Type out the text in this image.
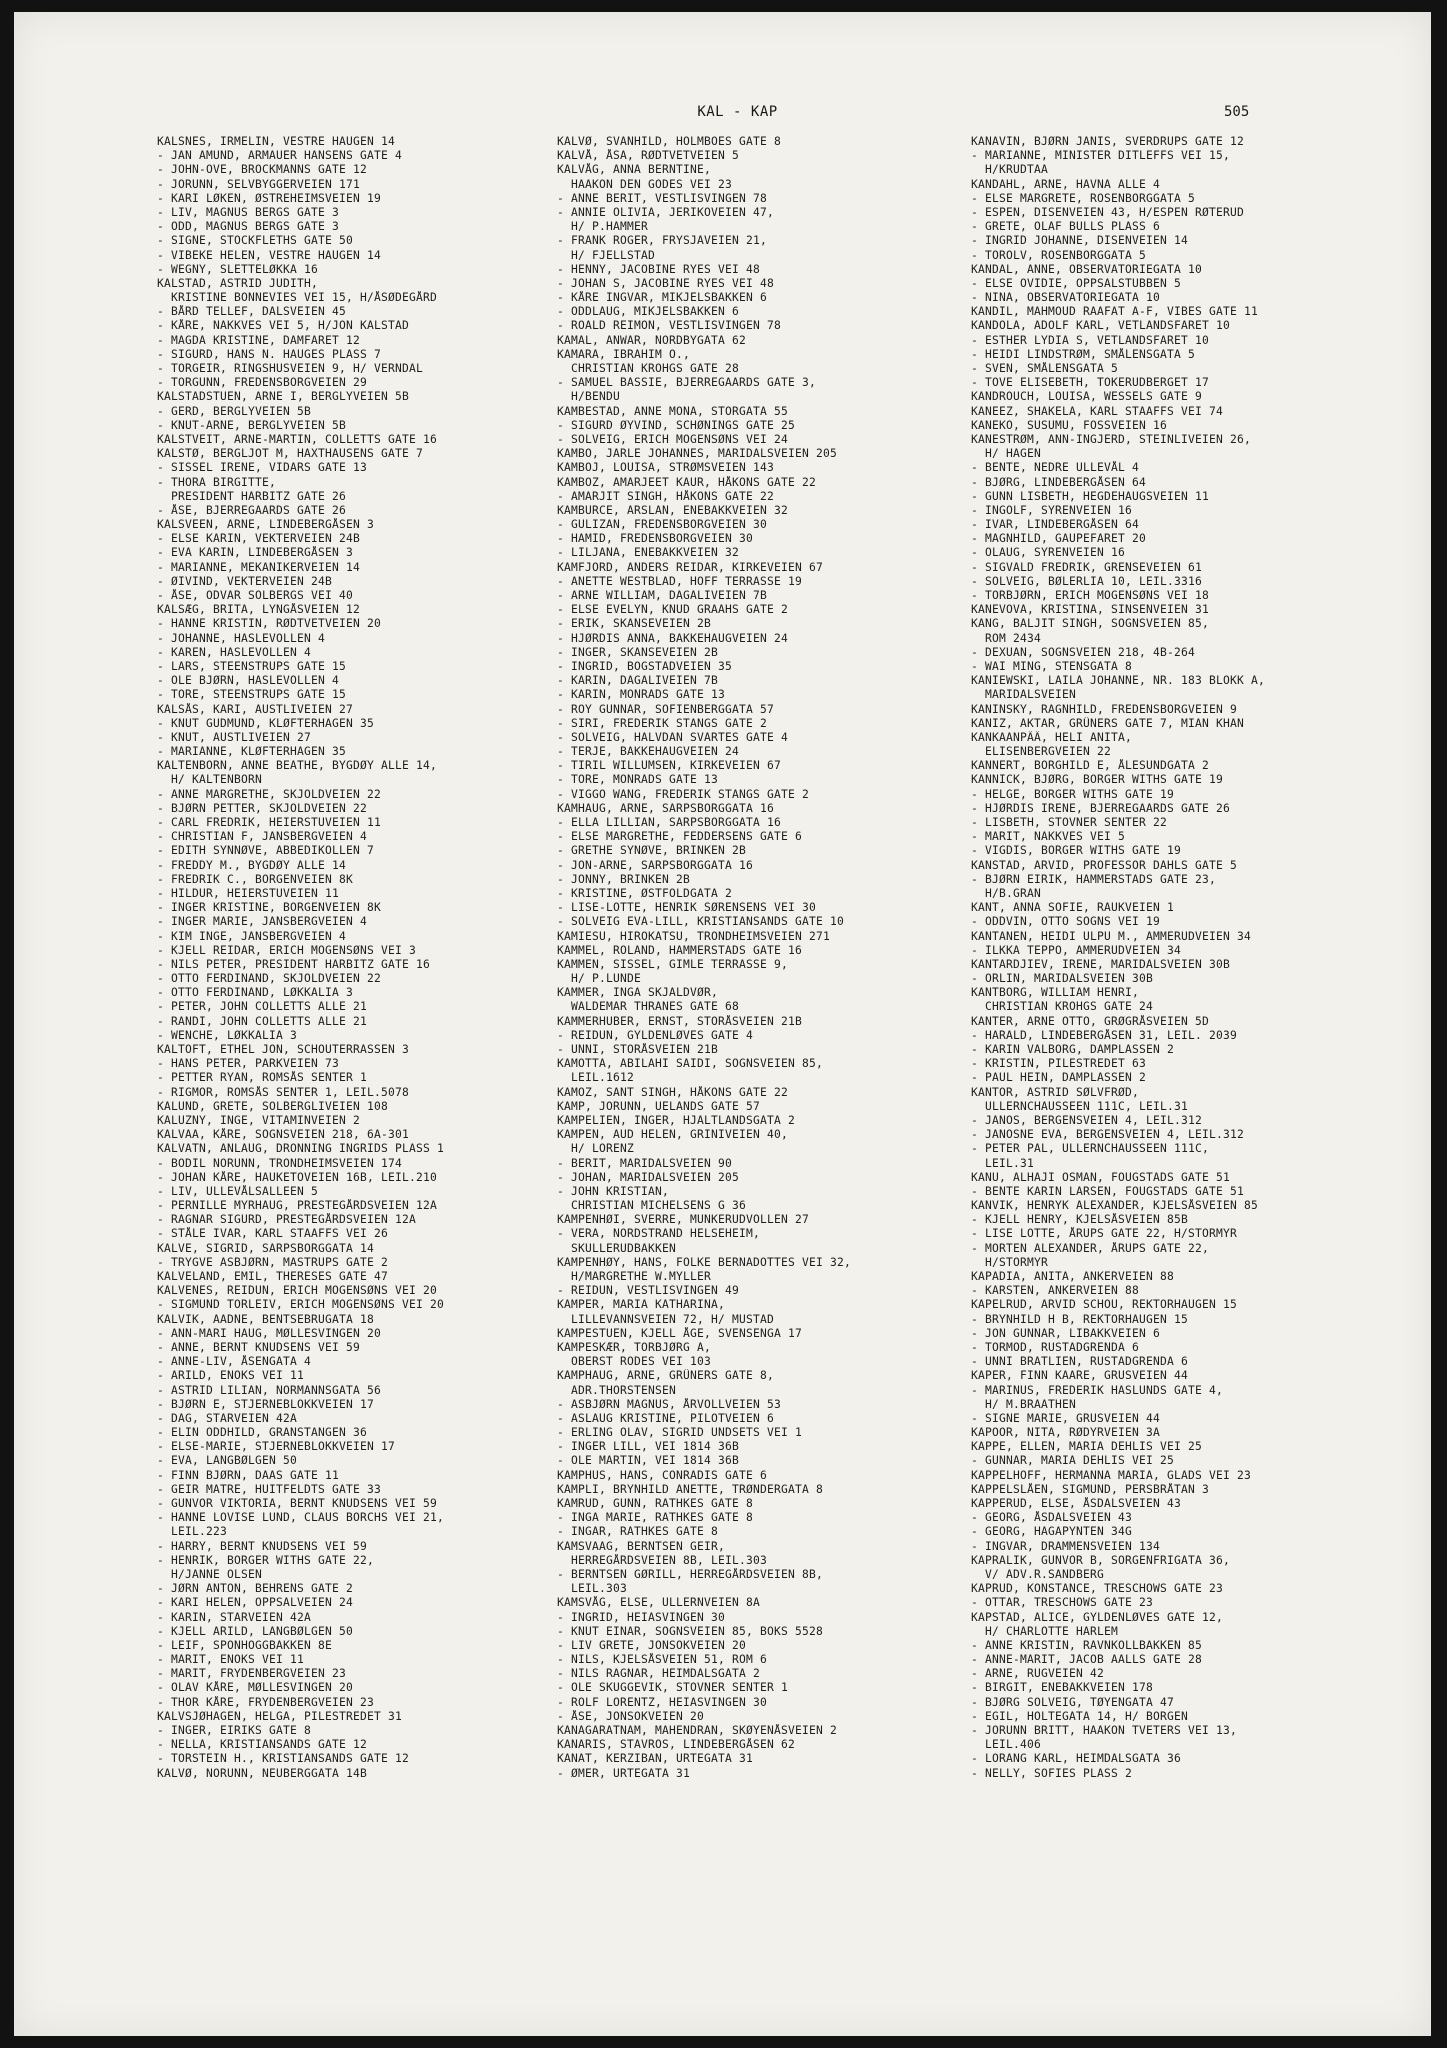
KAL - KAP	505
KALSNES, IRMELIN, VESTRE HAUGEN 14
- JAN AMUND, ARMAUER HANSENS GATE 4
- JOHN-OVE, BROCKMANNS GATE 12
- JORUNN, SELVBYGGERVEIEN 171
- KARI LØKEN, ØSTREHEIMSVEIEN 19
- LIV, MAGNUS BERGS GATE 3
- ODD, MAGNUS BERGS GATE 3
- SIGNE, STOCKFLETHS GATE 50
- VIBEKE HELEN, VESTRE HAUGEN 14
- WEGNY, SLETTELØKKA 16
KALSTAD, ASTRID JUDITH,
KRISTINE BONNEVIES VEI 15, H/ÅSØDEGÅRD
- BÅRD TELLEF, DALSVEIEN 45
- KÅRE, NAKKVES VEI 5, H/JON KALSTAD
- MAGDA KRISTINE, DAMFARET 12
- SIGURD, HANS N. HAUGES PLASS 7
- TORGEIR, RINGSHUSVEIEN 9, H/ VERNDAL
- TORGUNN, FREDENSBORGVEIEN 29
KALSTADSTUEN, ARNE I, BERGLYVEIEN 5B
- GERD, BERGLYVEIEN 5B
- KNUT-ARNE, BERGLYVEIEN 5B
KALSTVEIT, ARNE-MARTIN, COLLETTS GATE 16
KALSTØ, BERGLJOT M, HAXTHAUSENS GATE 7
- SISSEL IRENE, VIDARS GATE 13
- THORA BIRGITTE,
PRESIDENT HARBITZ GATE 26
- ÅSE, BJERREGAARDS GATE 26
KALSVEEN, ARNE, LINDEBERGÅSEN 3
- ELSE KARIN, VEKTERVEIEN 24B
- EVA KARIN, LINDEBERGÅSEN 3
- MARIANNE, MEKANIKERVEIEN 14
- ØIVIND, VEKTERVEIEN 24B
- ÅSE, ODVAR SOLBERGS VEI 40
KALSÆG, BRITA, LYNGÅSVEIEN 12
- HANNE KRISTIN, RØDTVETVEIEN 20
- JOHANNE, HASLEVOLLEN 4
- KAREN, HASLEVOLLEN 4
- LARS, STEENSTRUPS GATE 15
- OLE BJØRN, HASLEVOLLEN 4
- TORE, STEENSTRUPS GATE 15
KALSÅS, KARI, AUSTLIVEIEN 27
- KNUT GUDMUND, KLØFTERHAGEN 35
- KNUT, AUSTLIVEIEN 27
- MARIANNE, KLØFTERHAGEN 35
KALTENBORN, ANNE BEATHE, BYGDØY ALLE 14,
H/ KALTENBORN
- ANNE MARGRETHE, SKJOLDVEIEN 22
- BJØRN PETTER, SKJOLDVEIEN 22
- CARL FREDRIK, HEIERSTUVEIEN 11
- CHRISTIAN F, JANSBERGVEIEN 4
- EDITH SYNNØVE, ABBEDIKOLLEN 7
- FREDDY M., BYGDØY ALLE 14
- FREDRIK C., BORGENVEIEN 8K
- HILDUR, HEIERSTUVEIEN 11
- INGER KRISTINE, BORGENVEIEN 8K
- INGER MARIE, JANSBERGVEIEN 4
- KIM INGE, JANSBERGVEIEN 4
- KJELL REIDAR, ERICH MOGENSØNS VEI 3
- NILS PETER, PRESIDENT HARBITZ GATE 16
- OTTO FERDINAND, SKJOLDVEIEN 22
- OTTO FERDINAND, LØKKALIA 3
- PETER, JOHN COLLETTS ALLE 21
- RANDI, JOHN COLLETTS ALLE 21
- WENCHE, LØKKALIA 3
KALTOFT, ETHEL JON, SCHOUTERRASSEN 3
- HANS PETER, PARKVEIEN 73
- PETTER RYAN, ROMSÅS SENTER 1
- RIGMOR, ROMSÅS SENTER 1, LEIL.5078
KALUND, GRETE, SOLBERGLIVEIEN 108
KALUZNY, INGE, VITAMINVEIEN 2
KALVAA, KÅRE, SOGNSVEIEN 218, 6A-301
KALVATN, ANLAUG, DRONNING INGRIDS PLASS 1
- BODIL NORUNN, TRONDHEIMSVEIEN 174
- JOHAN KÅRE, HAUKETOVEIEN 16B, LEIL.210
- LIV, ULLEVÅLSALLEEN 5
- PERNILLE MYRHAUG, PRESTEGÅRDSVEIEN 12A
- RAGNAR SIGURD, PRESTEGÅRDSVEIEN 12A
- STÅLE IVAR, KARL STAAFFS VEI 26
KALVE, SIGRID, SARPSBORGGATA 14
- TRYGVE ASBJØRN, MASTRUPS GATE 2
KALVELAND, EMIL, THERESES GATE 47
KALVENES, REIDUN, ERICH MOGENSØNS VEI 20
- SIGMUND TORLEIV, ERICH MOGENSØNS VEI 20
KALVIK, AADNE, BENTSEBRUGATA 18
- ANN-MARI HAUG, MØLLESVINGEN 20
- ANNE, BERNT KNUDSENS VEI 59
- ANNE-LIV, ÅSENGATA 4
- ARILD, ENOKS VEI 11
- ASTRID LILIAN, NORMANNSGATA 56
- BJØRN E, STJERNEBLOKKVEIEN 17
- DAG, STARVEIEN 42A
- ELIN ODDHILD, GRANSTANGEN 36
- ELSE-MARIE, STJERNEBLOKKVEIEN 17
- EVA, LANGBØLGEN 50
- FINN BJØRN, DAAS GATE 11
- GEIR MATRE, HUITFELDTS GATE 33
- GUNVOR VIKTORIA, BERNT KNUDSENS VEI 59
- HANNE LOVISE LUND, CLAUS BORCHS VEI 21,
LEIL.223
- HARRY, BERNT KNUDSENS VEI 59
- HENRIK, BORGER WITHS GATE 22,
H/JANNE OLSEN
- JØRN ANTON, BEHRENS GATE 2
- KARI HELEN, OPPSALVEIEN 24
- KARIN, STARVEIEN 42A
- KJELL ARILD, LANGBØLGEN 50
- LEIF, SPONHOGGBAKKEN 8E
- MARIT, ENOKS VEI 11
- MARIT, FRYDENBERGVEIEN 23
- OLAV KÅRE, MØLLESVINGEN 20
- THOR KÅRE, FRYDENBERGVEIEN 23
KALVSJØHAGEN, HELGA, PILESTREDET 31
- INGER, EIRIKS GATE 8
- NELLA, KRISTIANSANDS GATE 12
- TORSTEIN H., KRISTIANSANDS GATE 12
KALVØ, NORUNN, NEUBERGGATA 14B
KALVØ, SVANHILD, HOLMBOES GATE 8
KALVÅ, ÅSA, RØDTVETVEIEN 5
KALVÅG, ANNA BERNTINE,
HAAKON DEN GODES VEI 23
- ANNE BERIT, VESTLISVINGEN 78
- ANNIE OLIVIA, JERIKOVEIEN 47,
H/ P.HAMMER
- FRANK ROGER, FRYSJAVEIEN 21,
H/ FJELLSTAD
- HENNY, JACOBINE RYES VEI 48
- JOHAN S, JACOBINE RYES VEI 48
- KÅRE INGVAR, MIKJELSBAKKEN 6
- ODDLAUG, MIKJELSBAKKEN 6
- ROALD REIMON, VESTLISVINGEN 78
KAMAL, ANWAR, NORDBYGATA 62
KAMARA, IBRAHIM O.,
CHRISTIAN KROHGS GATE 28
- SAMUEL BASSIE, BJERREGAARDS GATE 3,
H/BENDU
KAMBESTAD, ANNE MONA, STORGATA 55
- SIGURD ØYVIND, SCHØNINGS GATE 25
- SOLVEIG, ERICH MOGENSØNS VEI 24
KAMBO, JARLE JOHANNES, MARIDALSVEIEN 205
KAMBOJ, LOUISA, STRØMSVEIEN 143
KAMBOZ, AMARJEET KAUR, HÅKONS GATE 22
- AMARJIT SINGH, HÅKONS GATE 22
KAMBURCE, ARSLAN, ENEBAKKVEIEN 32
- GULIZAN, FREDENSBORGVEIEN 30
- HAMID, FREDENSBORGVEIEN 30
- LILJANA, ENEBAKKVEIEN 32
KAMFJORD, ANDERS REIDAR, KIRKEVEIEN 67
- ANETTE WESTBLAD, HOFF TERRASSE 19
- ARNE WILLIAM, DAGALIVEIEN 7B
- ELSE EVELYN, KNUD GRAAHS GATE 2
- ERIK, SKANSEVEIEN 2B
- HJØRDIS ANNA, BAKKEHAUGVEIEN 24
- INGER, SKANSEVEIEN 2B
- INGRID, BOGSTADVEIEN 35
- KARIN, DAGALIVEIEN 7B
- KARIN, MONRADS GATE 13
- ROY GUNNAR, SOFIENBERGGATA 57
- SIRI, FREDERIK STANGS GATE 2
- SOLVEIG, HALVDAN SVARTES GATE 4
- TERJE, BAKKEHAUGVEIEN 24
- TIRIL WILLUMSEN, KIRKEVEIEN 67
- TORE, MONRADS GATE 13
- VIGGO WANG, FREDERIK STANGS GATE 2
KAMHAUG, ARNE, SARPSBORGGATA 16
- ELLA LILLIAN, SARPSBORGGATA 16
- ELSE MARGRETHE, FEDDERSENS GATE 6
- GRETHE SYNØVE, BRINKEN 2B
- JON-ARNE, SARPSBORGGATA 16
- JONNY, BRINKEN 2B
- KRISTINE, ØSTFOLDGATA 2
- LISE-LOTTE, HENRIK SØRENSENS VEI 30
- SOLVEIG EVA-LILL, KRISTIANSANDS GATE 10
KAMIESU, HIROKATSU, TRONDHEIMSVEIEN 271
KAMMEL, ROLAND, HAMMERSTADS GATE 16
KAMMEN, SISSEL, GIMLE TERRASSE 9,
H/ P.LUNDE
KAMMER, INGA SKJALDVØR,
WALDEMAR THRANES GATE 68
KAMMERHUBER, ERNST, STORÅSVEIEN 21B
- REIDUN, GYLDENLØVES GATE 4
- UNNI, STORÅSVEIEN 21B
KAMOTTA, ABILAHI SAIDI, SOGNSVEIEN 85,
LEIL.1612
KAMOZ, SANT SINGH, HÅKONS GATE 22
KAMP, JORUNN, UELANDS GATE 57
KAMPELIEN, INGER, HJALTLANDSGATA 2
KAMPEN, AUD HELEN, GRINIVEIEN 40,
H/ LORENZ
- BERIT, MARIDALSVEIEN 90
- JOHAN, MARIDALSVEIEN 205
- JOHN KRISTIAN,
CHRISTIAN MICHELSENS G 36
KAMPENHØI, SVERRE, MUNKERUDVOLLEN 27
- VERA, NORDSTRAND HELSEHEIM,
SKULLERUDBAKKEN
KAMPENHØY, HANS, FOLKE BERNADOTTES VEI 32,
H/MARGRETHE W.MYLLER
- REIDUN, VESTLISVINGEN 49
KAMPER, MARIA KATHARINA,
LILLEVANNSVEIEN 72, H/ MUSTAD
KAMPESTUEN, KJELL ÅGE, SVENSENGA 17
KAMPESKÆR, TORBJØRG A,
OBERST RODES VEI 103
KAMPHAUG, ARNE, GRÜNERS GATE 8,
ADR.THORSTENSEN
- ASBJØRN MAGNUS, ÅRVOLLVEIEN 53
- ASLAUG KRISTINE, PILOTVEIEN 6
- ERLING OLAV, SIGRID UNDSETS VEI 1
- INGER LILL, VEI 1814 36B
- OLE MARTIN, VEI 1814 36B
KAMPHUS, HANS, CONRADIS GATE 6
KAMPLI, BRYNHILD ANETTE, TRØNDERGATA 8
KAMRUD, GUNN, RATHKES GATE 8
- INGA MARIE, RATHKES GATE 8
- INGAR, RATHKES GATE 8
KAMSVAAG, BERNTSEN GEIR,
HERREGÅRDSVEIEN 8B, LEIL.303
- BERNTSEN GØRILL, HERREGÅRDSVEIEN 8B,
LEIL.303
KAMSVÅG, ELSE, ULLERNVEIEN 8A
- INGRID, HEIASVINGEN 30
- KNUT EINAR, SOGNSVEIEN 85, BOKS 5528
- LIV GRETE, JONSOKVEIEN 20
- NILS, KJELSÅSVEIEN 51, ROM 6
- NILS RAGNAR, HEIMDALSGATA 2
- OLE SKUGGEVIK, STOVNER SENTER 1
- ROLF LORENTZ, HEIASVINGEN 30
- ÅSE, JONSOKVEIEN 20
KANAGARATNAM, MAHENDRAN, SKØYENÅSVEIEN 2
KANARIS, STAVROS, LINDEBERGÅSEN 62
KANAT, KERZIBAN, URTEGATA 31
- ØMER, URTEGATA 31
KANAVIN, BJØRN JANIS, SVERDRUPS GATE 12
- MARIANNE, MINISTER DITLEFFS VEI 15,
H/KRUDTAA
KANDAHL, ARNE, HAVNA ALLE 4
- ELSE MARGRETE, ROSENBORGGATA 5
- ESPEN, DISENVEIEN 43, H/ESPEN RØTERUD
- GRETE, OLAF BULLS PLASS 6
- INGRID JOHANNE, DISENVEIEN 14
- TOROLV, ROSENBORGGATA 5
KANDAL, ANNE, OBSERVATORIEGATA 10
- ELSE OVIDIE, OPPSALSTUBBEN 5
- NINA, OBSERVATORIEGATA 10
KANDIL, MAHMOUD RAAFAT A-F, VIBES GATE 11
KANDOLA, ADOLF KARL, VETLANDSFARET 10
- ESTHER LYDIA S, VETLANDSFARET 10
- HEIDI LINDSTRØM, SMÅLENSGATA 5
- SVEN, SMÅLENSGATA 5
- TOVE ELISEBETH, TOKERUDBERGET 17
KANDROUCH, LOUISA, WESSELS GATE 9
KANEEZ, SHAKELA, KARL STAAFFS VEI 74
KANEKO, SUSUMU, FOSSVEIEN 16
KANESTRØM, ANN-INGJERD, STEINLIVEIEN 26,
H/ HAGEN
- BENTE, NEDRE ULLEVÅL 4
- BJØRG, LINDEBERGÅSEN 64
- GUNN LISBETH, HEGDEHAUGSVEIEN 11
- INGOLF, SYRENVEIEN 16
- IVAR, LINDEBERGÅSEN 64
- MAGNHILD, GAUPEFARET 20
- OLAUG, SYRENVEIEN 16
- SIGVALD FREDRIK, GRENSEVEIEN 61
- SOLVEIG, BØLERLIA 10, LEIL.3316
- TORBJØRN, ERICH MOGENSØNS VEI 18
KANEVOVA, KRISTINA, SINSENVEIEN 31
KANG, BALJIT SINGH, SOGNSVEIEN 85,
ROM 2434
- DEXUAN, SOGNSVEIEN 218, 4B-264
- WAI MING, STENSGATA 8
KANIEWSKI, LAILA JOHANNE, NR. 183 BLOKK A,
MARIDALSVEIEN
KANINSKY, RAGNHILD, FREDENSBORGVEIEN 9
KANIZ, AKTAR, GRÜNERS GATE 7, MIAN KHAN
KANKAANPÄÄ, HELI ANITA,
ELISENBERGVEIEN 22
KANNERT, BORGHILD E, ÅLESUNDGATA 2
KANNICK, BJØRG, BORGER WITHS GATE 19
- HELGE, BORGER WITHS GATE 19
- HJØRDIS IRENE, BJERREGAARDS GATE 26
- LISBETH, STOVNER SENTER 22
- MARIT, NAKKVES VEI 5
- VIGDIS, BORGER WITHS GATE 19
KANSTAD, ARVID, PROFESSOR DAHLS GATE 5
- BJØRN EIRIK, HAMMERSTADS GATE 23,
H/B.GRAN
KANT, ANNA SOFIE, RAUKVEIEN 1
- ODDVIN, OTTO SOGNS VEI 19
KANTANEN, HEIDI ULPU M., AMMERUDVEIEN 34
- ILKKA TEPPO, AMMERUDVEIEN 34
KANTARDJIEV, IRENE, MARIDALSVEIEN 30B
- ORLIN, MARIDALSVEIEN 30B
KANTBORG, WILLIAM HENRI,
CHRISTIAN KROHGS GATE 24
KANTER, ARNE OTTO, GRØGRÅSVEIEN 5D
- HARALD, LINDEBERGÅSEN 31, LEIL. 2039
- KARIN VALBORG, DAMPLASSEN 2
- KRISTIN, PILESTREDET 63
- PAUL HEIN, DAMPLASSEN 2
KANTOR, ASTRID SØLVFRØD,
ULLERNCHAUSSEEN 111C, LEIL.31
- JANOS, BERGENSVEIEN 4, LEIL.312
- JANOSNE EVA, BERGENSVEIEN 4, LEIL.312
- PETER PAL, ULLERNCHAUSSEEN 111C,
LEIL.31
KANU, ALHAJI OSMAN, FOUGSTADS GATE 51
- BENTE KARIN LARSEN, FOUGSTADS GATE 51
KANVIK, HENRYK ALEXANDER, KJELSÅSVEIEN 85
- KJELL HENRY, KJELSÅSVEIEN 85B
- LISE LOTTE, ÅRUPS GATE 22, H/STORMYR
- MORTEN ALEXANDER, ÅRUPS GATE 22,
H/STORMYR
KAPADIA, ANITA, ANKERVEIEN 88
- KARSTEN, ANKERVEIEN 88
KAPELRUD, ARVID SCHOU, REKTORHAUGEN 15
- BRYNHILD H B, REKTORHAUGEN 15
- JON GUNNAR, LIBAKKVEIEN 6
- TORMOD, RUSTADGRENDA 6
- UNNI BRATLIEN, RUSTADGRENDA 6
KAPER, FINN KAARE, GRUSVEIEN 44
- MARINUS, FREDERIK HASLUNDS GATE 4,
H/ M.BRAATHEN
- SIGNE MARIE, GRUSVEIEN 44
KAPOOR, NITA, RØDYRVEIEN 3A
KAPPE, ELLEN, MARIA DEHLIS VEI 25
- GUNNAR, MARIA DEHLIS VEI 25
KAPPELHOFF, HERMANNA MARIA, GLADS VEI 23
KAPPELSLÅEN, SIGMUND, PERSBRÅTAN 3
KAPPERUD, ELSE, ÅSDALSVEIEN 43
- GEORG, ÅSDALSVEIEN 43
- GEORG, HAGAPYNTEN 34G
- INGVAR, DRAMMENSVEIEN 134
KAPRALIK, GUNVOR B, SORGENFRIGATA 36,
V/ ADV.R.SANDBERG
KAPRUD, KONSTANCE, TRESCHOWS GATE 23
- OTTAR, TRESCHOWS GATE 23
KAPSTAD, ALICE, GYLDENLØVES GATE 12,
H/ CHARLOTTE HARLEM
- ANNE KRISTIN, RAVNKOLLBAKKEN 85
- ANNE-MARIT, JACOB AALLS GATE 28
- ARNE, RUGVEIEN 42
- BIRGIT, ENEBAKKVEIEN 178
- BJØRG SOLVEIG, TØYENGATA 47
- EGIL, HOLTEGATA 14, H/ BORGEN
- JORUNN BRITT, HAAKON TVETERS VEI 13,
LEIL.406
- LORANG KARL, HEIMDALSGATA 36
- NELLY, SOFIES PLASS 2
